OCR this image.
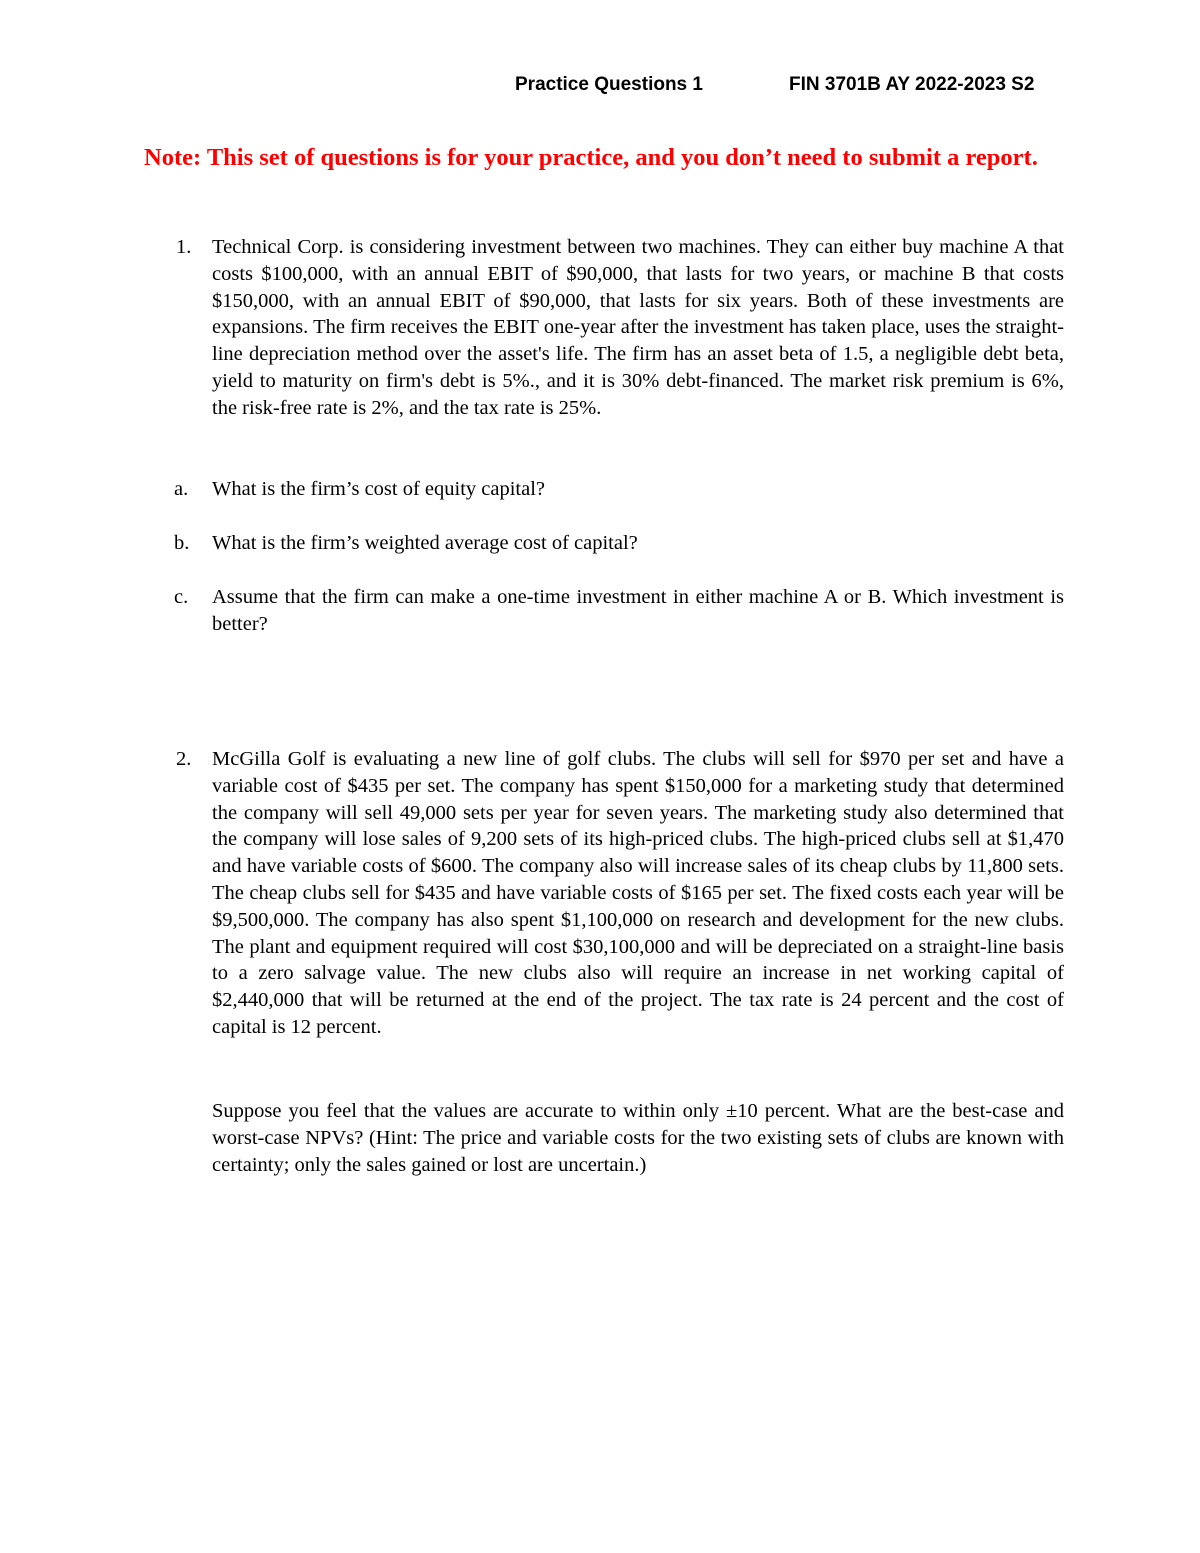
Practice Questions 1	FIN 3701B AY 2022-2023 S2
Note: This set of questions is for your practice, and you don’t need to submit a report.
1. Technical Corp. is considering investment between two machines. They can either buy machine A that costs $100,000, with an annual EBIT of $90,000, that lasts for two years, or machine B that costs $150,000, with an annual EBIT of $90,000, that lasts for six years. Both of these investments are expansions. The firm receives the EBIT one-year after the investment has taken place, uses the straight-line depreciation method over the asset's life. The firm has an asset beta of 1.5, a negligible debt beta, yield to maturity on firm's debt is 5%., and it is 30% debt-financed. The market risk premium is 6%, the risk-free rate is 2%, and the tax rate is 25%.
a. What is the firm’s cost of equity capital?
b. What is the firm’s weighted average cost of capital?
c. Assume that the firm can make a one-time investment in either machine A or B. Which investment is better?
2. McGilla Golf is evaluating a new line of golf clubs. The clubs will sell for $970 per set and have a variable cost of $435 per set. The company has spent $150,000 for a marketing study that determined the company will sell 49,000 sets per year for seven years. The marketing study also determined that the company will lose sales of 9,200 sets of its high-priced clubs. The high-priced clubs sell at $1,470 and have variable costs of $600. The company also will increase sales of its cheap clubs by 11,800 sets. The cheap clubs sell for $435 and have variable costs of $165 per set. The fixed costs each year will be $9,500,000. The company has also spent $1,100,000 on research and development for the new clubs. The plant and equipment required will cost $30,100,000 and will be depreciated on a straight-line basis to a zero salvage value. The new clubs also will require an increase in net working capital of $2,440,000 that will be returned at the end of the project. The tax rate is 24 percent and the cost of capital is 12 percent.
Suppose you feel that the values are accurate to within only ±10 percent. What are the best-case and worst-case NPVs? (Hint: The price and variable costs for the two existing sets of clubs are known with certainty; only the sales gained or lost are uncertain.)
